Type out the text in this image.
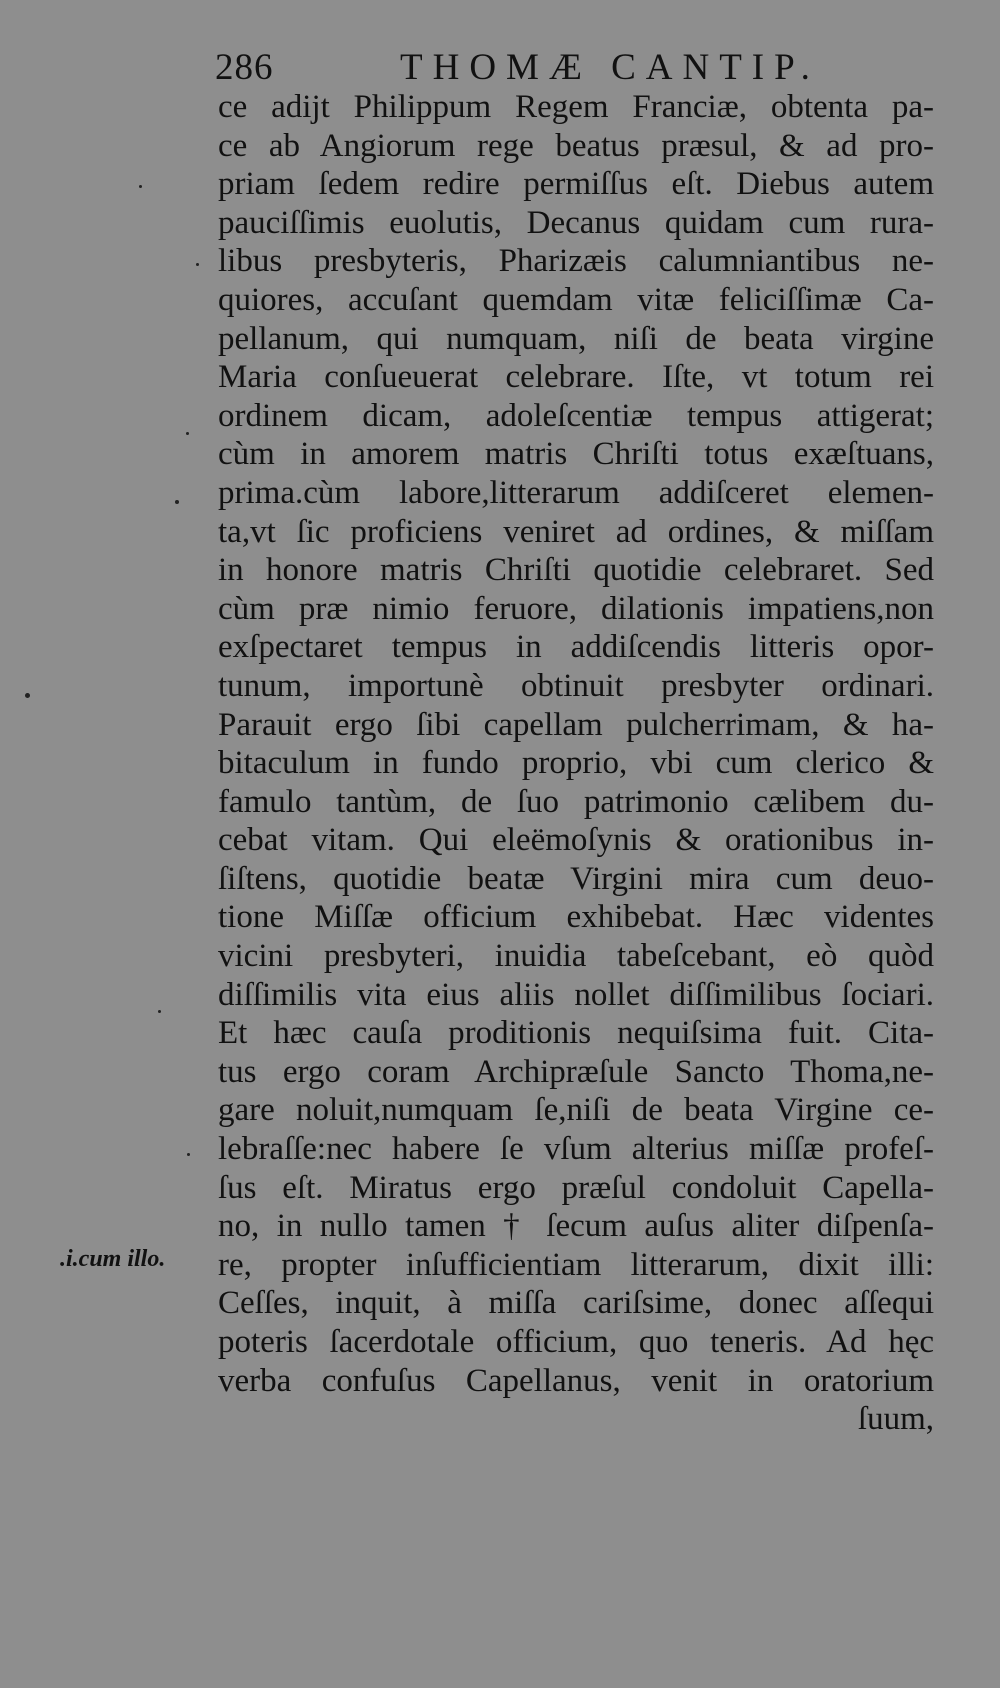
286	THOMÆ CANTIP.
ce adijt Philippum Regem Franciæ, obtenta pa-
ce ab Angiorum rege beatus præsul, & ad pro-
priam ſedem redire permiſſus eſt. Diebus autem
pauciſſimis euolutis, Decanus quidam cum rura-
libus presbyteris, Pharizæis calumniantibus ne-
quiores, accuſant quemdam vitæ feliciſſimæ Ca-
pellanum, qui numquam, niſi de beata virgine
Maria conſueuerat celebrare. Iſte, vt totum rei
ordinem dicam, adoleſcentiæ tempus attigerat;
cùm in amorem matris Chriſti totus exæſtuans,
prima.cùm labore,litterarum addiſceret elemen-
ta,vt ſic proficiens veniret ad ordines, & miſſam
in honore matris Chriſti quotidie celebraret. Sed
cùm præ nimio feruore, dilationis impatiens,non
exſpectaret tempus in addiſcendis litteris opor-
tunum, importunè obtinuit presbyter ordinari.
Parauit ergo ſibi capellam pulcherrimam, & ha-
bitaculum in fundo proprio, vbi cum clerico &
famulo tantùm, de ſuo patrimonio cælibem du-
cebat vitam. Qui eleëmoſynis & orationibus in-
ſiſtens, quotidie beatæ Virgini mira cum deuo-
tione Miſſæ officium exhibebat. Hæc videntes
vicini presbyteri, inuidia tabeſcebant, eò quòd
diſſimilis vita eius aliis nollet diſſimilibus ſociari.
Et hæc cauſa proditionis nequiſsima fuit. Cita-
tus ergo coram Archipræſule Sancto Thoma,ne-
gare noluit,numquam ſe,niſi de beata Virgine ce-
lebraſſe:nec habere ſe vſum alterius miſſæ profeſ-
ſus eſt. Miratus ergo præſul condoluit Capella-
no, in nullo tamen † ſecum auſus aliter diſpenſa-
re, propter inſufficientiam litterarum, dixit illi:
Ceſſes, inquit, à miſſa cariſsime, donec aſſequi
poteris ſacerdotale officium, quo teneris. Ad hęc
verba confuſus Capellanus, venit in oratorium
ſuum,
.i.cum illo.
